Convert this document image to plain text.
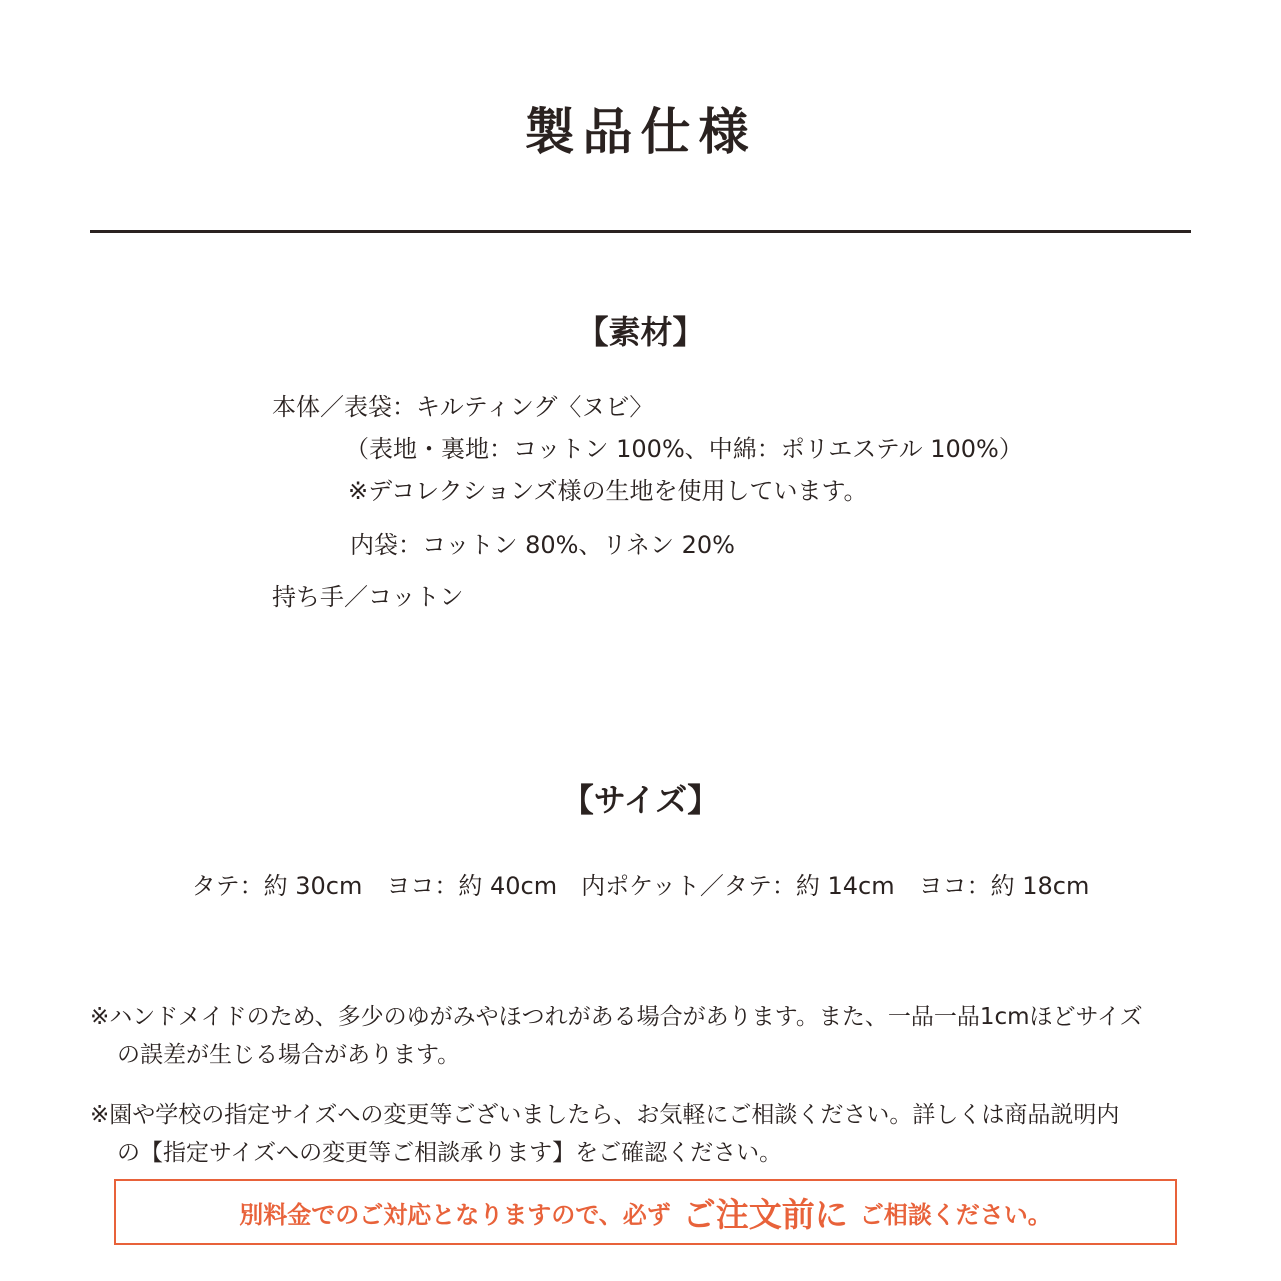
製品仕様
【素材】
本体／表袋：キルティング〈ヌビ〉
（表地・裏地：コットン 100%、中綿：ポリエステル 100%）
※デコレクションズ様の生地を使用しています。
内袋：コットン 80%、リネン 20%
持ち手／コットン
【サイズ】
タテ：約 30cm　ヨコ：約 40cm　内ポケット／タテ：約 14cm　ヨコ：約 18cm
※ハンドメイドのため、多少のゆがみやほつれがある場合があります。また、一品一品1cmほどサイズ
の誤差が生じる場合があります。
※園や学校の指定サイズへの変更等ございましたら、お気軽にご相談ください。詳しくは商品説明内
の【指定サイズへの変更等ご相談承ります】をご確認ください。
別料金でのご対応となりますので、必ず ご注文前に ご相談ください。
